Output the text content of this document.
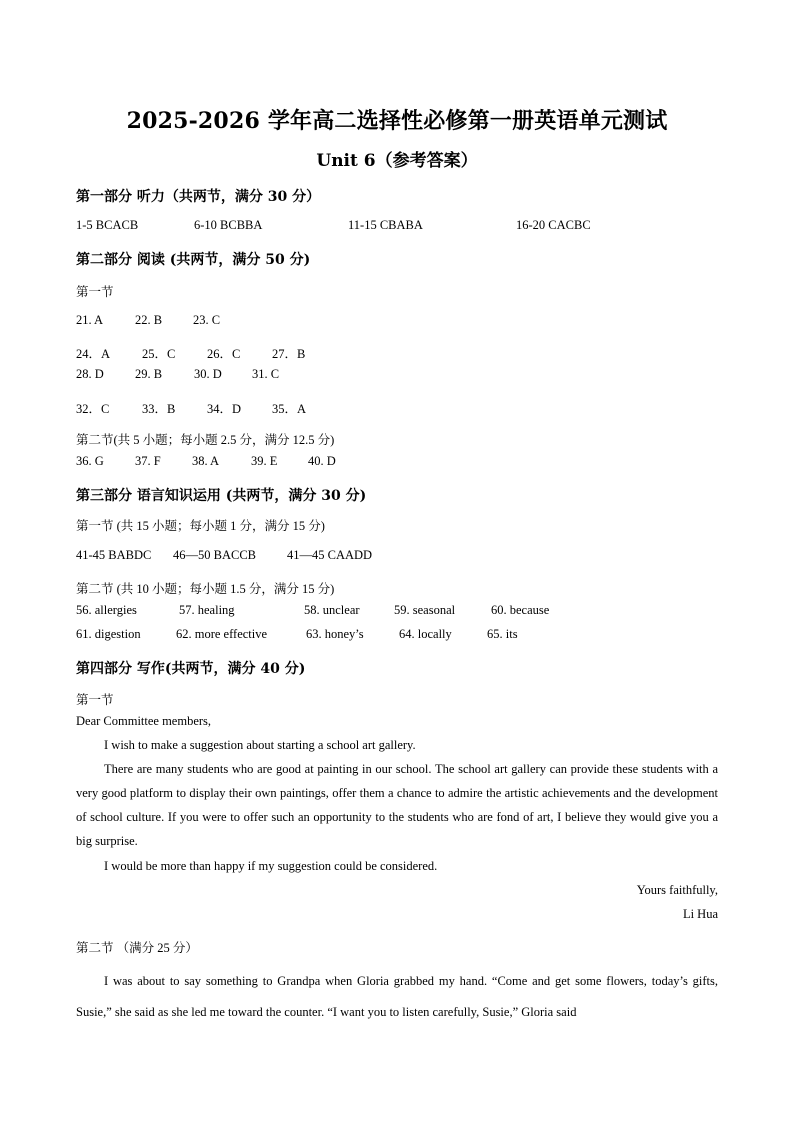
2025-2026 学年高二选择性必修第一册英语单元测试
Unit 6（参考答案）
第一部分 听力（共两节，满分 30 分）
1-5 BCACB	6-10 BCBBA	11-15 CBABA	16-20 CACBC
第二部分 阅读 (共两节，满分 50 分)
第一节
21. A	22. B 23. C
24．A	25．C	26．C	27．B
28. D 29. B	30. D 31. C
32．C	33．B	34．D 35．A
第二节(共 5 小题；每小题 2.5 分，满分 12.5 分)
36. G 37. F	38. A	39. E 40. D
第三部分 语言知识运用 (共两节，满分 30 分)
第一节 (共 15 小题；每小题 1 分，满分 15 分)
41-45 BABDC 46—50 BACCB 41—45 CAADD
第二节 (共 10 小题；每小题 1.5 分，满分 15 分)
56. allergies	57. healing	58. unclear	59. seasonal	60. because
61. digestion	62. more effective	63. honey’s	64. locally	65. its
第四部分 写作(共两节，满分 40 分)
第一节
Dear Committee members,
I wish to make a suggestion about starting a school art gallery.
There are many students who are good at painting in our school. The school art gallery can provide these students with a very good platform to display their own paintings, offer them a chance to admire the artistic achievements and the development of school culture. If you were to offer such an opportunity to the students who are fond of art, I believe they would give you a big surprise.
I would be more than happy if my suggestion could be considered.
Yours faithfully,
Li Hua
第二节 （满分 25 分）
I was about to say something to Grandpa when Gloria grabbed my hand. “Come and get some flowers, today’s gifts, Susie,” she said as she led me toward the counter. “I want you to listen carefully, Susie,” Gloria said
